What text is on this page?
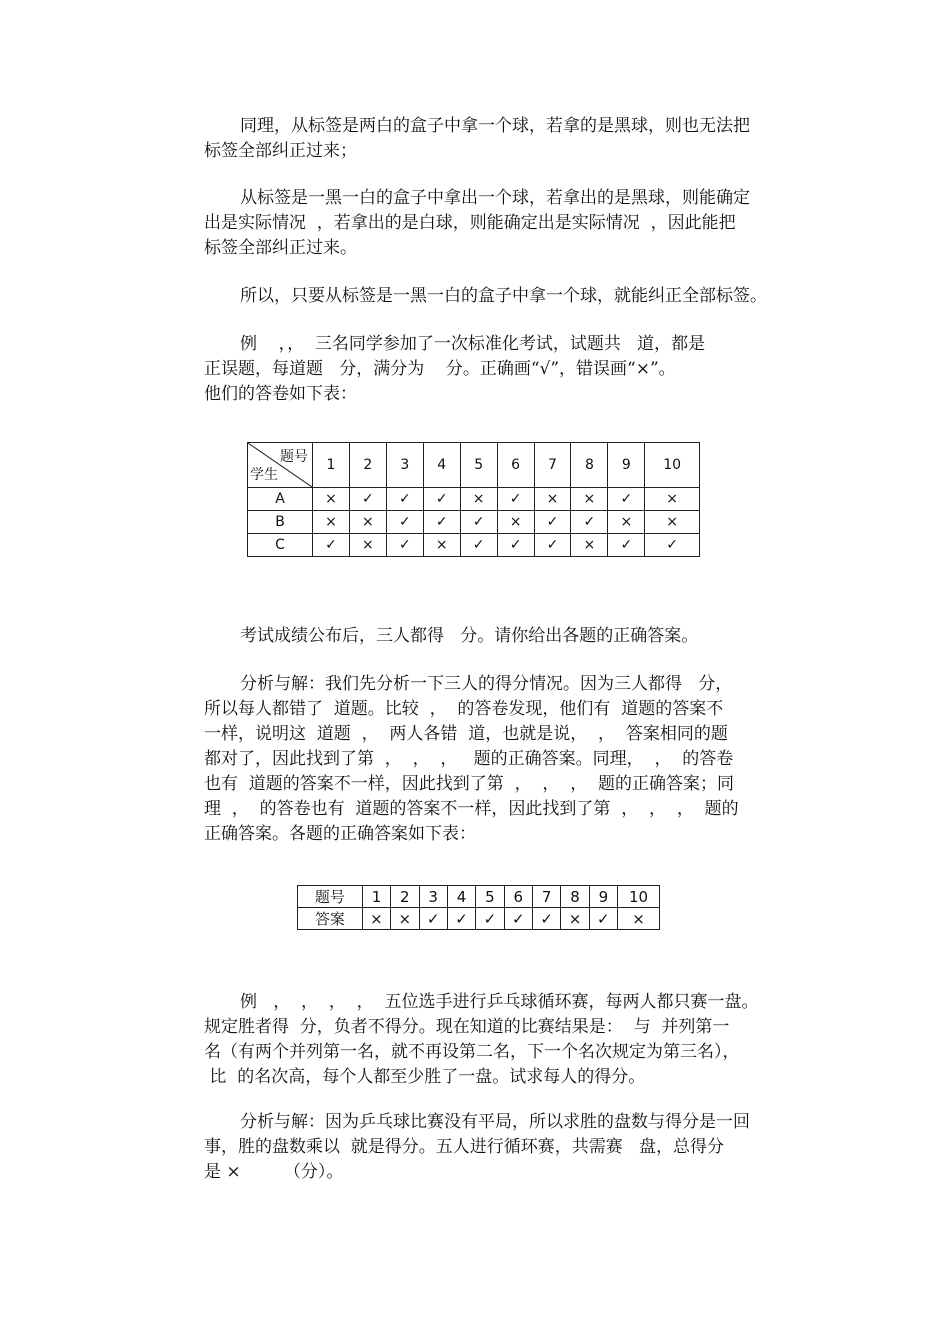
同理，从标签是两白的盒子中拿一个球，若拿的是黑球，则也无法把
标签全部纠正过来；

从标签是一黑一白的盒子中拿出一个球，若拿出的是黑球，则能确定
出是实际情况  ，若拿出的是白球，则能确定出是实际情况  ，因此能把
标签全部纠正过来。

所以，只要从标签是一黑一白的盒子中拿一个球，就能纠正全部标签。

例    ，，  三名同学参加了一次标准化考试，试题共   道，都是
正误题，每道题   分，满分为    分。正确画“√”，错误画“×”。
他们的答卷如下表：

题号
学生	1	2	3	4	5	6	7	8	9	10
A	×	✓	✓	✓	×	✓	×	×	✓	×
B	×	×	✓	✓	✓	×	✓	✓	×	×
C	✓	×	✓	×	✓	✓	✓	×	✓	✓

考试成绩公布后，三人都得   分。请你给出各题的正确答案。

分析与解：我们先分析一下三人的得分情况。因为三人都得   分，
所以每人都错了  道题。比较  ，  的答卷发现，他们有  道题的答案不
一样，说明这  道题  ，  两人各错  道，也就是说，  ，  答案相同的题
都对了，因此找到了第  ，  ，  ，   题的正确答案。同理，  ，  的答卷
也有  道题的答案不一样，因此找到了第  ，  ，  ，  题的正确答案；同
理  ，  的答卷也有  道题的答案不一样，因此找到了第  ，  ，  ，  题的
正确答案。各题的正确答案如下表：

题号	1	2	3	4	5	6	7	8	9	10
答案	×	×	✓	✓	✓	✓	✓	×	✓	×

例   ，  ，  ，  ，  五位选手进行乒乓球循环赛，每两人都只赛一盘。
规定胜者得  分，负者不得分。现在知道的比赛结果是：  与  并列第一
名（有两个并列第一名，就不再设第二名，下一个名次规定为第三名），
比  的名次高，每个人都至少胜了一盘。试求每人的得分。

分析与解：因为乒乓球比赛没有平局，所以求胜的盘数与得分是一回
事，胜的盘数乘以  就是得分。五人进行循环赛，共需赛   盘，总得分
是 ×        （分）。
